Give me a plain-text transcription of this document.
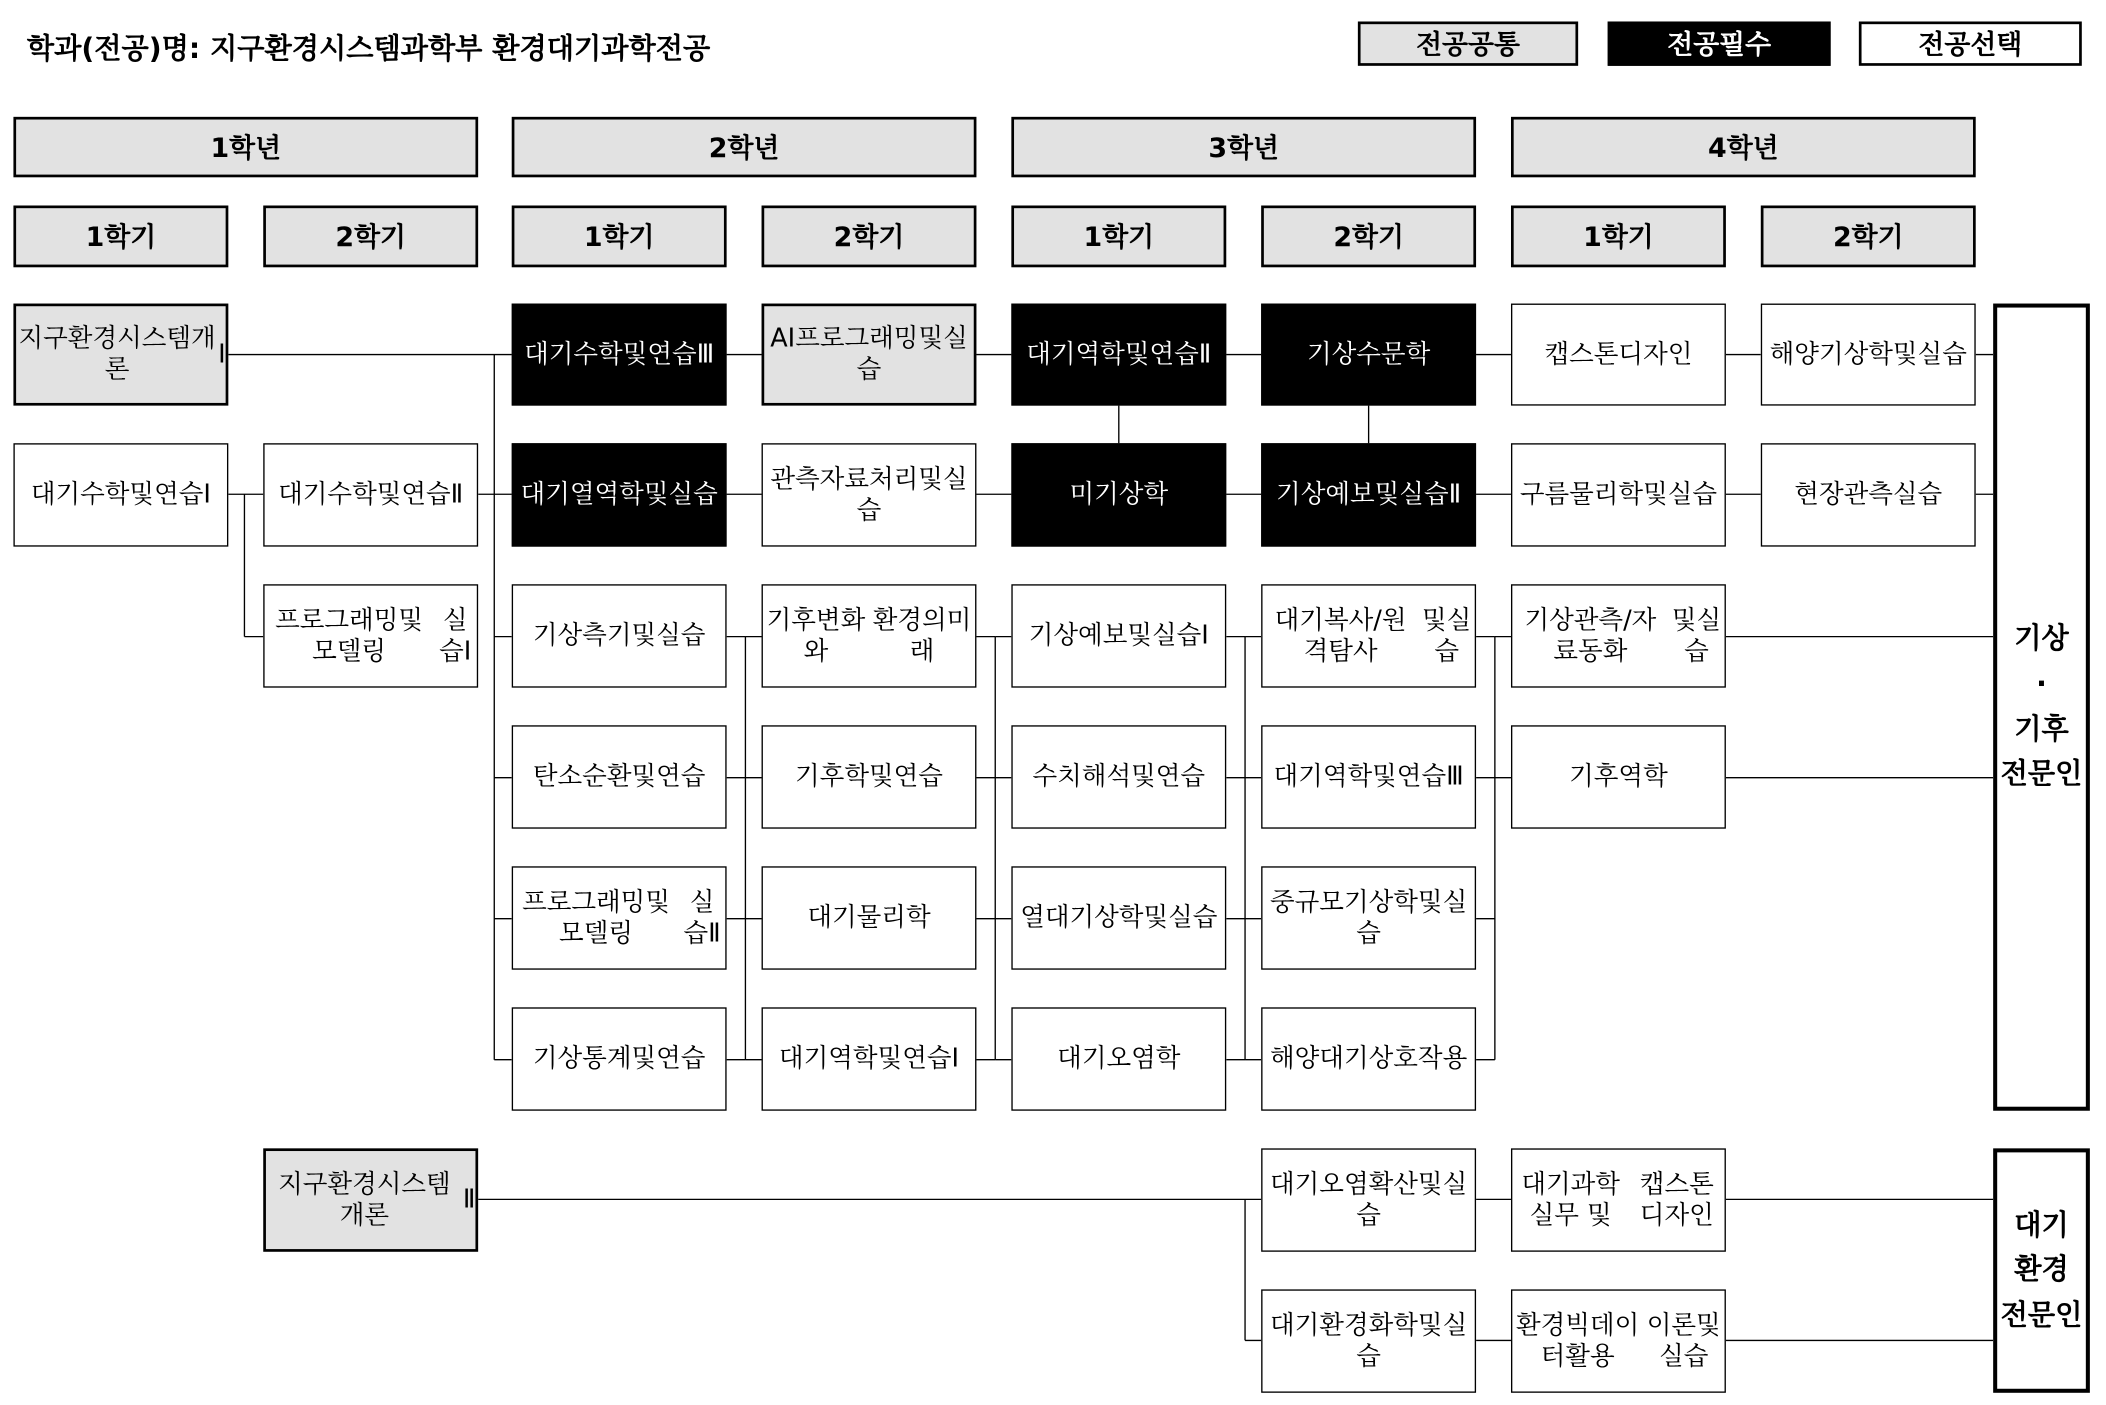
학과(전공)명: 지구환경시스템과학부 환경대기과학전공	전공공통	전공필수	전공선택
1학년	2학년	3학년	4학년
1학기	2학기	1학기	2학기	1학기	2학기	1학기	2학기
지구환경시스템개론
Ⅰ
대기수학및연습Ⅰ	대기수학및연습Ⅱ
프로그래밍및모델링
실습Ⅰ
지구환경시스템개론
Ⅱ
대기수학및연습Ⅲ
대기열역학및실습
기상측기및실습
탄소순환및연습
프로그래밍및모델링
실습Ⅱ
기상통계및연습
AI프로그래밍및실습
관측자료처리및실습
기후변화와
환경의미래
기후학및연습
대기물리학
대기역학및연습Ⅰ
대기역학및연습Ⅱ
미기상학
기상예보및실습Ⅰ
수치해석및연습
열대기상학및실습
대기오염학
기상수문학
기상예보및실습Ⅱ
대기복사/원격탐사
및실습
대기역학및연습Ⅲ
중규모기상학및실습
해양대기상호작용
대기오염확산및실습
대기환경화학및실습
캡스톤디자인
구름물리학및실습
기상관측/자료동화
및실습
기후역학
대기과학실무 및
캡스톤디자인
환경빅데이터활용
이론및실습
해양기상학및실습
현장관측실습
기상
·
기후
전문인
대기
환경
전문인
